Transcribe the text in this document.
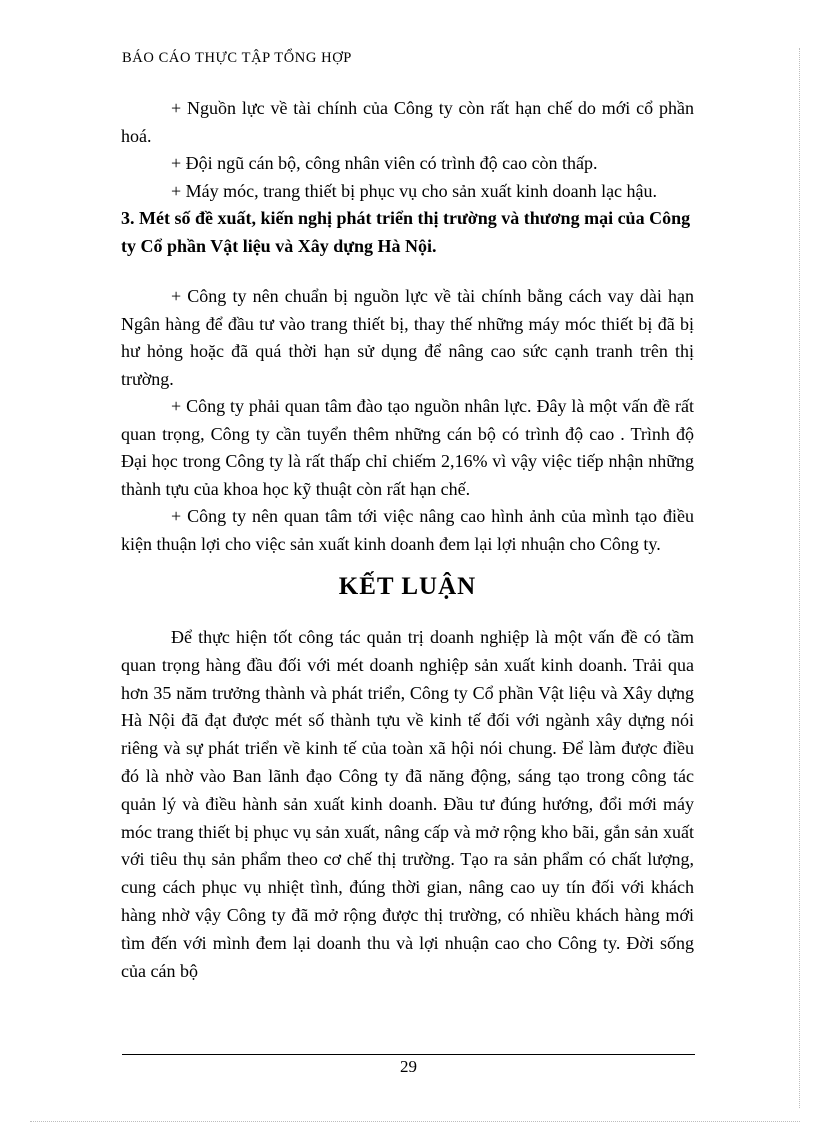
BÁO CÁO THỰC TẬP TỔNG HỢP

+ Nguồn lực về tài chính của Công ty còn rất hạn chế do mới cổ phần hoá.

+ Đội ngũ cán bộ, công nhân viên có trình độ cao còn thấp.

+ Máy móc, trang thiết bị phục vụ cho sản xuất kinh doanh lạc hậu.

3. Mét số đề xuất, kiến nghị phát triển thị trường và thương mại của Công ty Cổ phần Vật liệu và Xây dựng Hà Nội.

+ Công ty nên chuẩn bị nguồn lực về tài chính bằng cách vay dài hạn Ngân hàng để đầu tư vào trang thiết bị, thay thế những máy móc thiết bị đã bị hư hỏng hoặc đã quá thời hạn sử dụng để nâng cao sức cạnh tranh trên thị trường.

+ Công ty phải quan tâm đào tạo nguồn nhân lực. Đây là một vấn đề rất quan trọng, Công ty cần tuyển thêm những cán bộ có trình độ cao . Trình độ Đại học trong Công ty là rất thấp chỉ chiếm 2,16% vì vậy việc tiếp nhận những thành tựu của khoa học kỹ thuật còn rất hạn chế.

+ Công ty nên quan tâm tới việc nâng cao hình ảnh của mình tạo điều kiện thuận lợi cho việc sản xuất kinh doanh đem lại lợi nhuận cho Công ty.

KẾT LUẬN

Để thực hiện tốt công tác quản trị doanh nghiệp là một vấn đề có tầm quan trọng hàng đầu đối với mét doanh nghiệp sản xuất kinh doanh. Trải qua hơn 35 năm trưởng thành và phát triển, Công ty Cổ phần Vật liệu và Xây dựng Hà Nội đã đạt được mét số thành tựu về kinh tế đối với ngành xây dựng nói riêng và sự phát triển về kinh tế của toàn xã hội nói chung. Để làm được điều đó là nhờ vào Ban lãnh đạo Công ty đã năng động, sáng tạo trong công tác quản lý và điều hành sản xuất kinh doanh. Đầu tư đúng hướng, đổi mới máy móc trang thiết bị phục vụ sản xuất, nâng cấp và mở rộng kho bãi, gắn sản xuất với tiêu thụ sản phẩm theo cơ chế thị trường. Tạo ra sản phẩm có chất lượng, cung cách phục vụ nhiệt tình, đúng thời gian, nâng cao uy tín đối với khách hàng nhờ vậy Công ty đã mở rộng được thị trường, có nhiều khách hàng mới tìm đến với mình đem lại doanh thu và lợi nhuận cao cho Công ty. Đời sống của cán bộ

29
